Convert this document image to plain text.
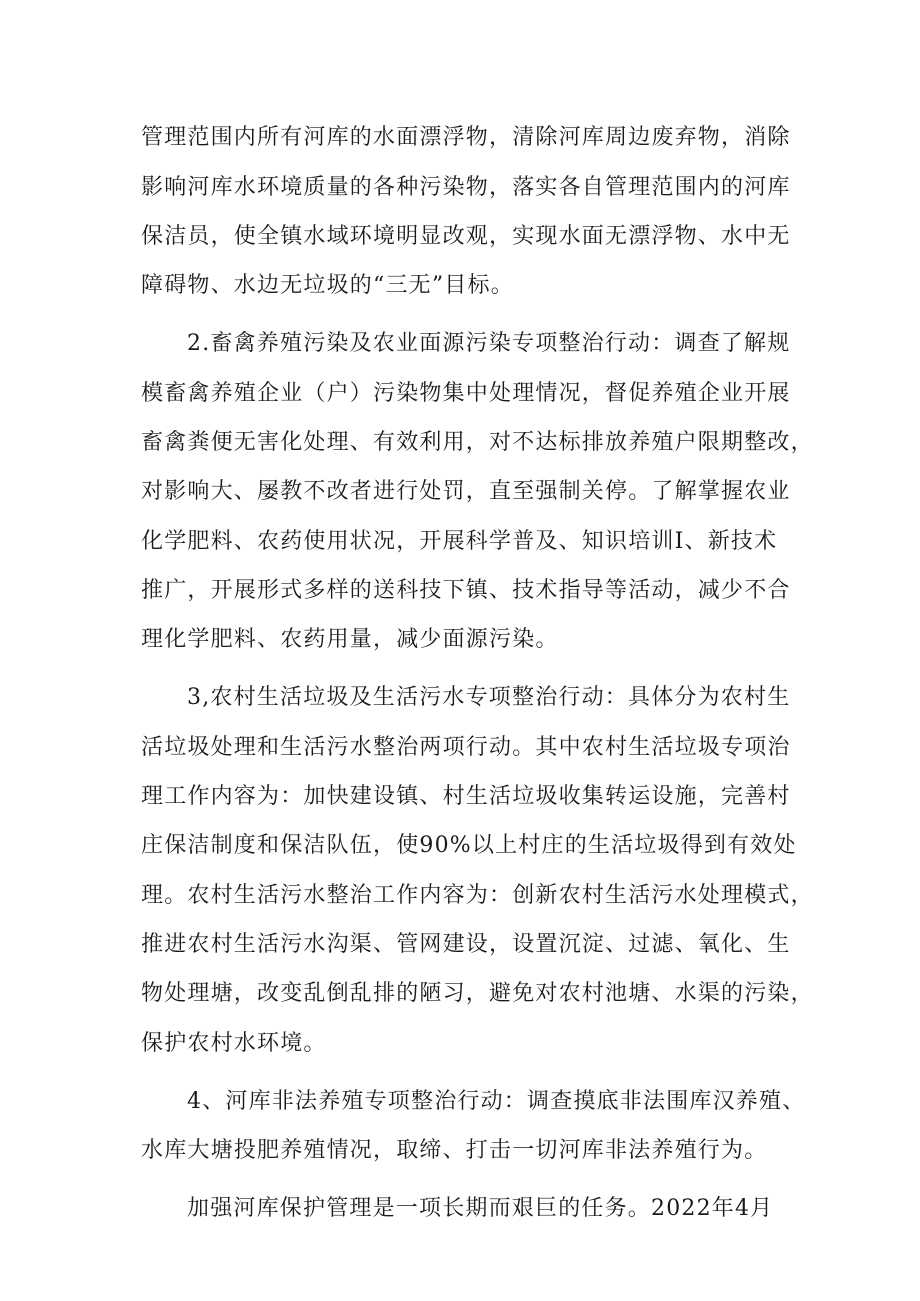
管理范围内所有河库的水面漂浮物，清除河库周边废弃物，消除
影响河库水环境质量的各种污染物，落实各自管理范围内的河库
保洁员，使全镇水域环境明显改观，实现水面无漂浮物、水中无
障碍物、水边无垃圾的“三无”目标。
2.畜禽养殖污染及农业面源污染专项整治行动：调查了解规
模畜禽养殖企业（户）污染物集中处理情况，督促养殖企业开展
畜禽粪便无害化处理、有效利用，对不达标排放养殖户限期整改，
对影响大、屡教不改者进行处罚，直至强制关停。了解掌握农业
化学肥料、农药使用状况，开展科学普及、知识培训I、新技术
推广，开展形式多样的送科技下镇、技术指导等活动，减少不合
理化学肥料、农药用量，减少面源污染。
3,农村生活垃圾及生活污水专项整治行动：具体分为农村生
活垃圾处理和生活污水整治两项行动。其中农村生活垃圾专项治
理工作内容为：加快建设镇、村生活垃圾收集转运设施，完善村
庄保洁制度和保洁队伍，使90%以上村庄的生活垃圾得到有效处
理。农村生活污水整治工作内容为：创新农村生活污水处理模式，
推进农村生活污水沟渠、管网建设，设置沉淀、过滤、氧化、生
物处理塘，改变乱倒乱排的陋习，避免对农村池塘、水渠的污染，
保护农村水环境。
4、河库非法养殖专项整治行动：调查摸底非法围库汉养殖、
水库大塘投肥养殖情况，取缔、打击一切河库非法养殖行为。
加强河库保护管理是一项长期而艰巨的任务。2022年4月
